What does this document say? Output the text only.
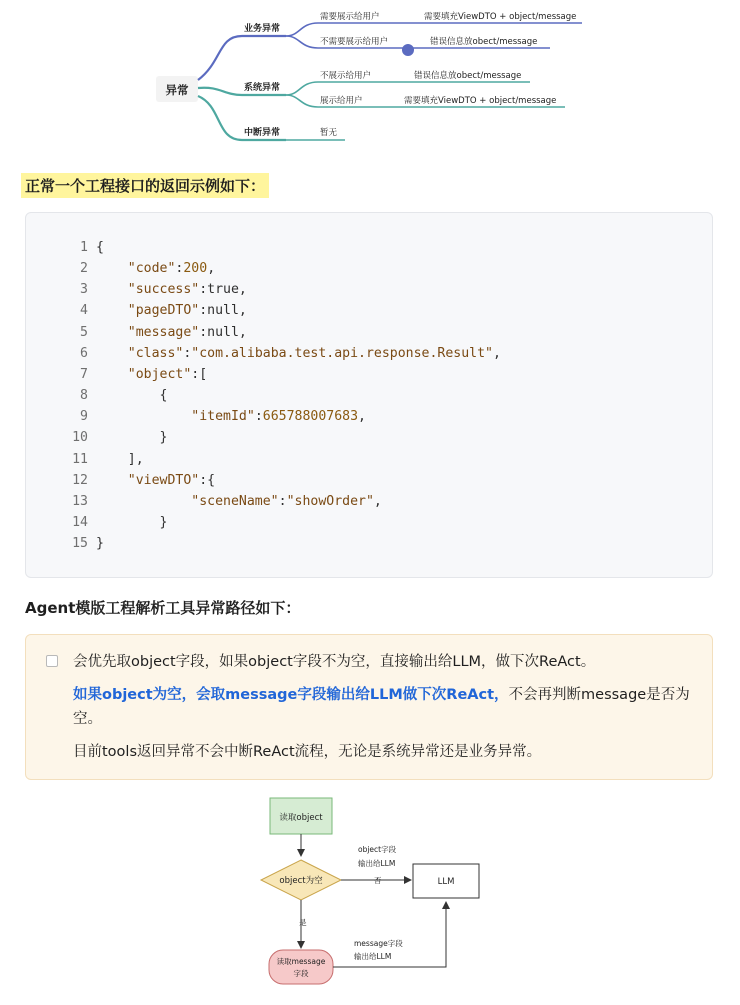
异常
业务异常
系统异常
中断异常
需要展示给用户	需要填充ViewDTO + object/message
不需要展示给用户	错误信息放obect/message
不展示给用户	错误信息放obect/message
展示给用户	需要填充ViewDTO + object/message
暂无
正常一个工程接口的返回示例如下：
1 {
2	"code":200,
3	"success":true,
4	"pageDTO":null,
5	"message":null,
6	"class":"com.alibaba.test.api.response.Result",
7	"object":[
8        {
9	"itemId":665788007683,
10        }
11    ],
12	"viewDTO":{
13	"sceneName":"showOrder",
14        }
15 }
Agent模版工程解析工具异常路径如下：
会优先取object字段，如果object字段不为空，直接输出给LLM，做下次ReAct。
如果object为空，会取message字段输出给LLM做下次ReAct，不会再判断message是否为
空。
目前tools返回异常不会中断ReAct流程，无论是系统异常还是业务异常。
读取object
object为空
object字段
输出给LLM
否	LLM
是
读取message
字段
message字段
输出给LLM
